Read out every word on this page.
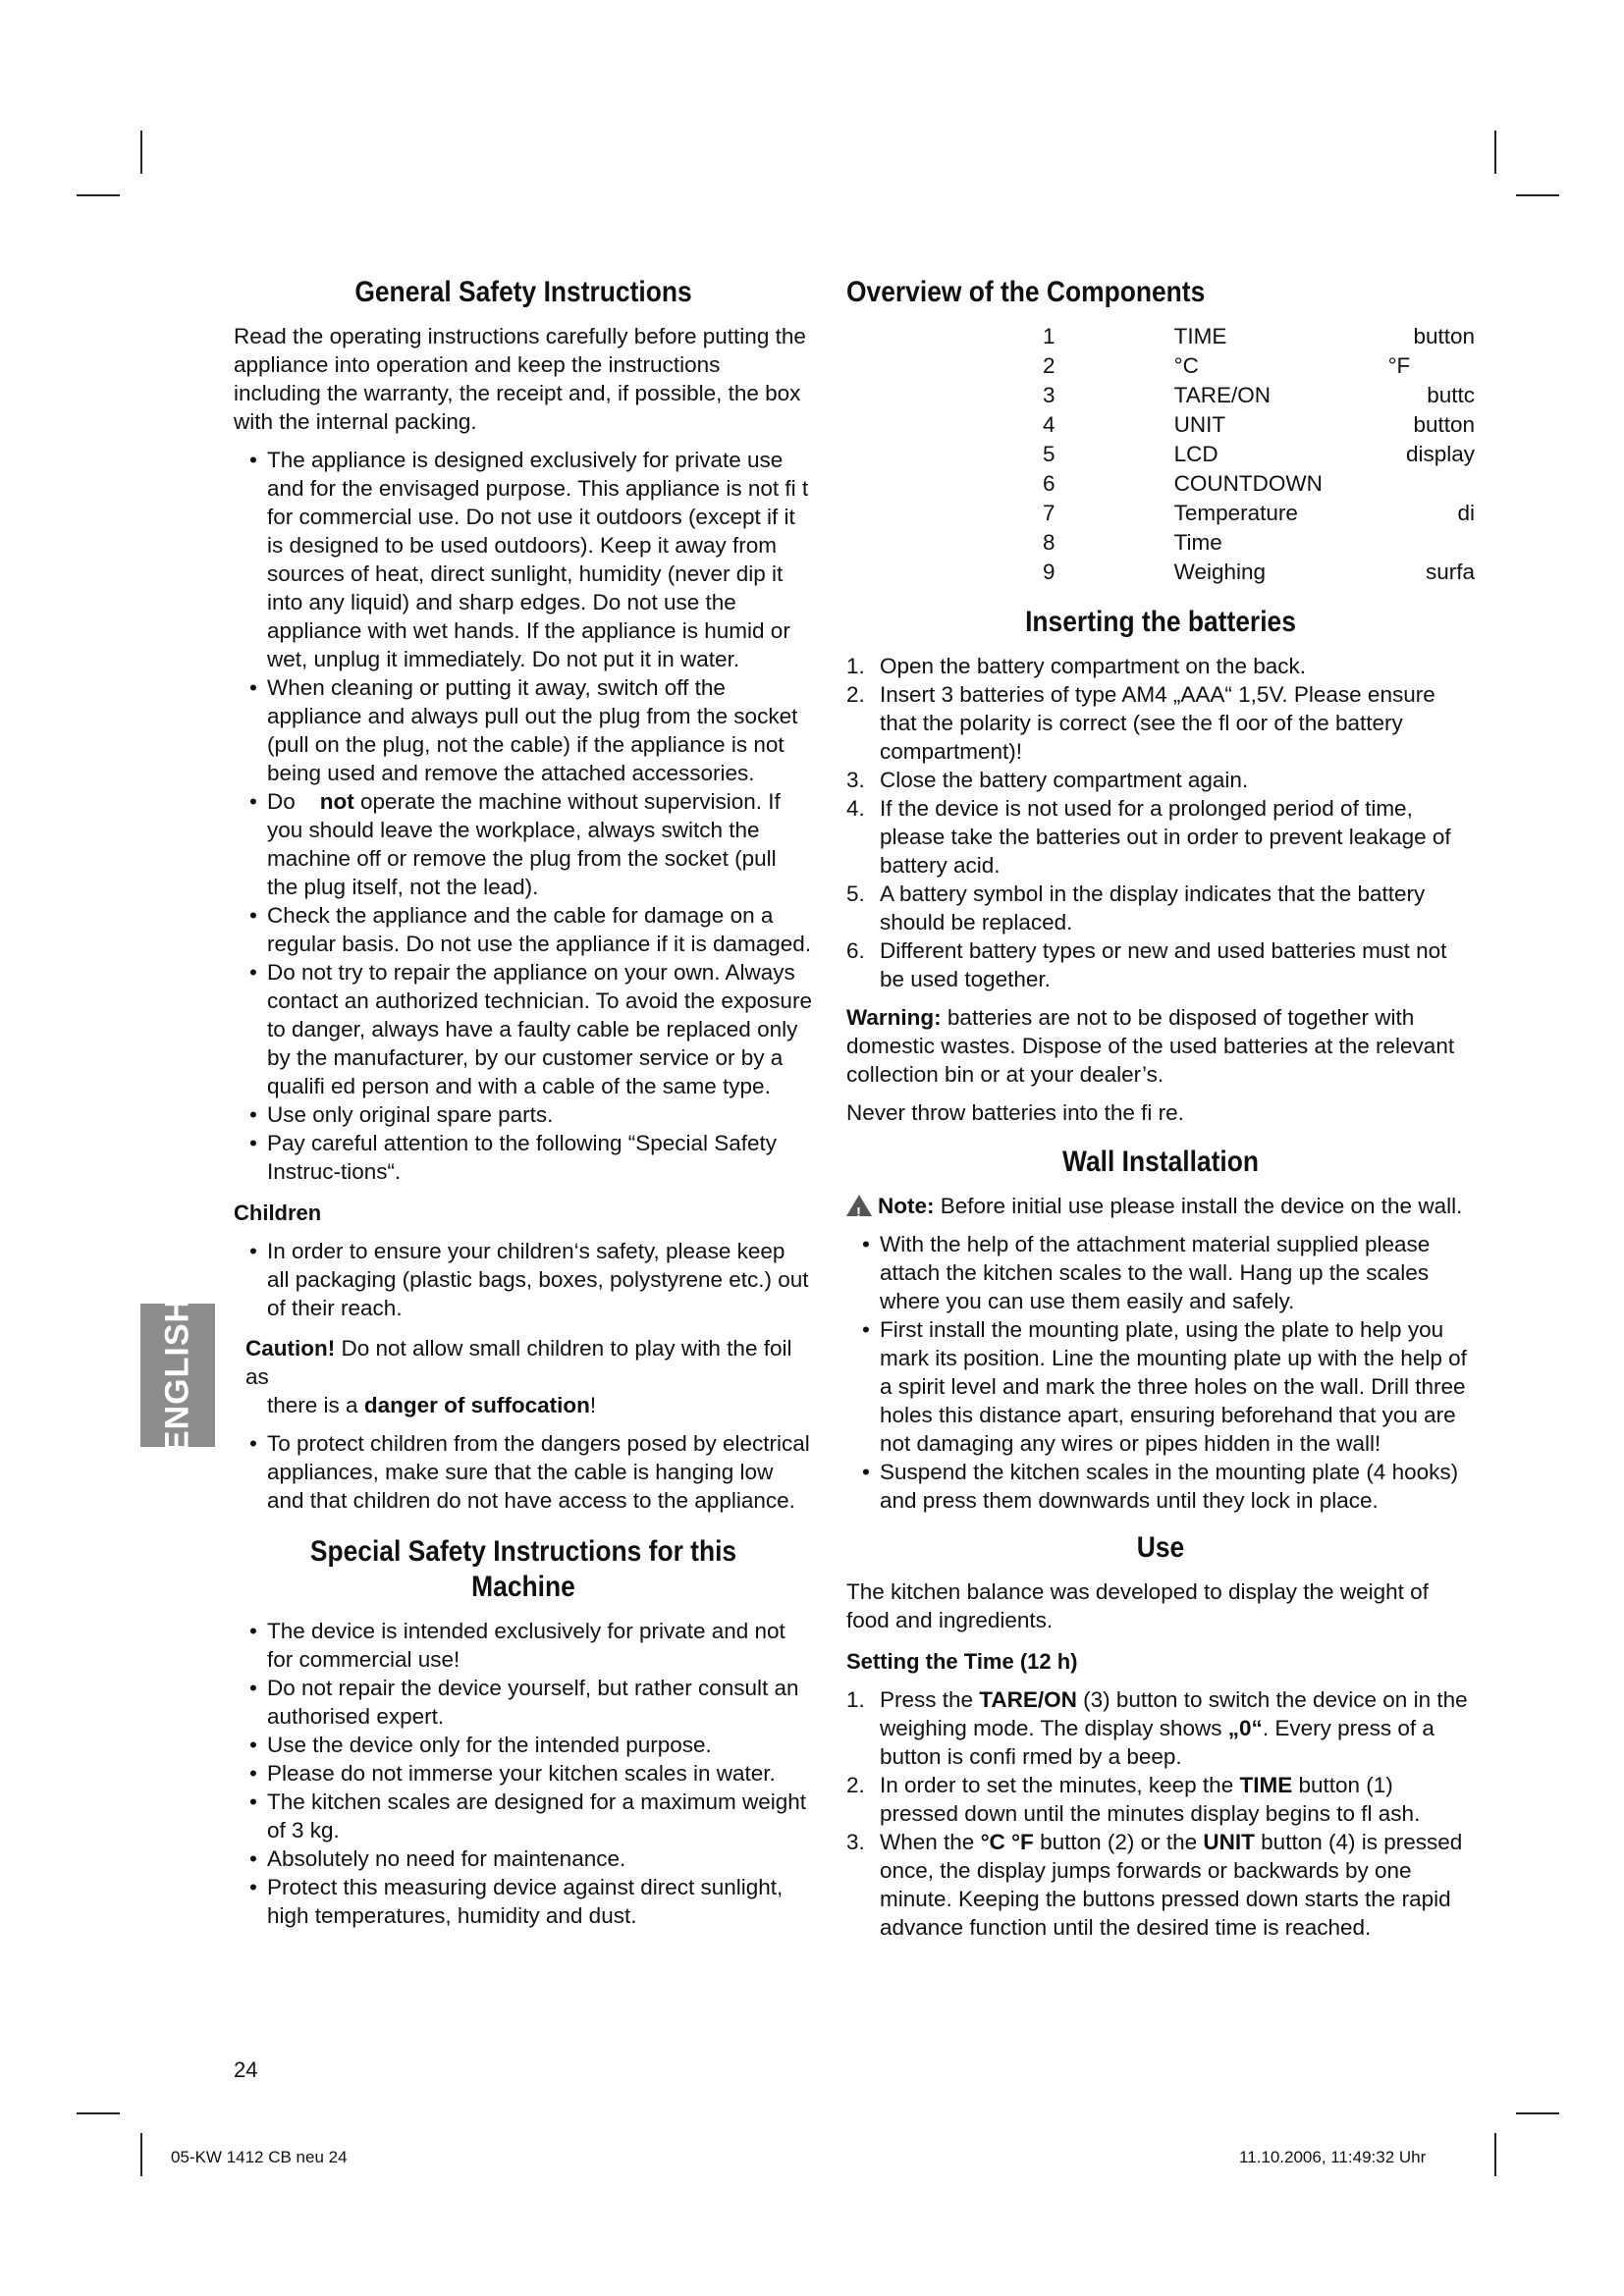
ENGLISH
General Safety Instructions

Read the operating instructions carefully before putting the appliance into operation and keep the instructions including the warranty, the receipt and, if possible, the box with the internal packing.

• The appliance is designed exclusively for private use and for the envisaged purpose. This appliance is not fi t for commercial use. Do not use it outdoors (except if it is designed to be used outdoors). Keep it away from sources of heat, direct sunlight, humidity (never dip it into any liquid) and sharp edges. Do not use the appliance with wet hands. If the appliance is humid or wet, unplug it immediately. Do not put it in water.
• When cleaning or putting it away, switch off the appliance and always pull out the plug from the socket (pull on the plug, not the cable) if the appliance is not being used and remove the attached accessories.
• Do not operate the machine without supervision. If you should leave the workplace, always switch the machine off or remove the plug from the socket (pull the plug itself, not the lead).
• Check the appliance and the cable for damage on a regular basis. Do not use the appliance if it is damaged.
• Do not try to repair the appliance on your own. Always contact an authorized technician. To avoid the exposure to danger, always have a faulty cable be replaced only by the manufacturer, by our customer service or by a qualifi ed person and with a cable of the same type.
• Use only original spare parts.
• Pay careful attention to the following “Special Safety Instruc-tions“.
Children
• In order to ensure your children‘s safety, please keep all packaging (plastic bags, boxes, polystyrene etc.) out of their reach.
Caution! Do not allow small children to play with the foil as
there is a danger of suffocation!
• To protect children from the dangers posed by electrical appliances, make sure that the cable is hanging low and that children do not have access to the appliance.
Special Safety Instructions for this Machine
• The device is intended exclusively for private and not for commercial use!
• Do not repair the device yourself, but rather consult an authorised expert.
• Use the device only for the intended purpose.
• Please do not immerse your kitchen scales in water.
• The kitchen scales are designed for a maximum weight of 3 kg.
• Absolutely no need for maintenance.
• Protect this measuring device against direct sunlight, high temperatures, humidity and dust.
Overview of the Components
1	TIME	button
2	°C	°F
3	TARE/ON	buttc
4	UNIT	button
5	LCD	display
6	COUNTDOWN	
7	Temperature	di
8	Time	
9	Weighing	surfa
Inserting the batteries
1. Open the battery compartment on the back.
2. Insert 3 batteries of type AM4 „AAA“ 1,5V. Please ensure that the polarity is correct (see the fl oor of the battery compartment)!
3. Close the battery compartment again.
4. If the device is not used for a prolonged period of time, please take the batteries out in order to prevent leakage of battery acid.
5. A battery symbol in the display indicates that the battery should be replaced.
6. Different battery types or new and used batteries must not be used together.

Warning: batteries are not to be disposed of together with domestic wastes. Dispose of the used batteries at the relevant collection bin or at your dealer’s.

Never throw batteries into the fi re.

Wall Installation

!Note: Before initial use please install the device on the wall.

• With the help of the attachment material supplied please attach the kitchen scales to the wall. Hang up the scales where you can use them easily and safely.
• First install the mounting plate, using the plate to help you mark its position. Line the mounting plate up with the help of a spirit level and mark the three holes on the wall. Drill three holes this distance apart, ensuring beforehand that you are not damaging any wires or pipes hidden in the wall!
• Suspend the kitchen scales in the mounting plate (4 hooks) and press them downwards until they lock in place.
Use

The kitchen balance was developed to display the weight of food and ingredients.

Setting the Time (12 h)
1. Press the TARE/ON (3) button to switch the device on in the weighing mode. The display shows „0“. Every press of a button is confi rmed by a beep.
2. In order to set the minutes, keep the TIME button (1) pressed down until the minutes display begins to fl ash.
3. When the °C °F button (2) or the UNIT button (4) is pressed once, the display jumps forwards or backwards by one minute. Keeping the buttons pressed down starts the rapid advance function until the desired time is reached.
24
05-KW 1412 CB neu 24	11.10.2006, 11:49:32 Uhr
